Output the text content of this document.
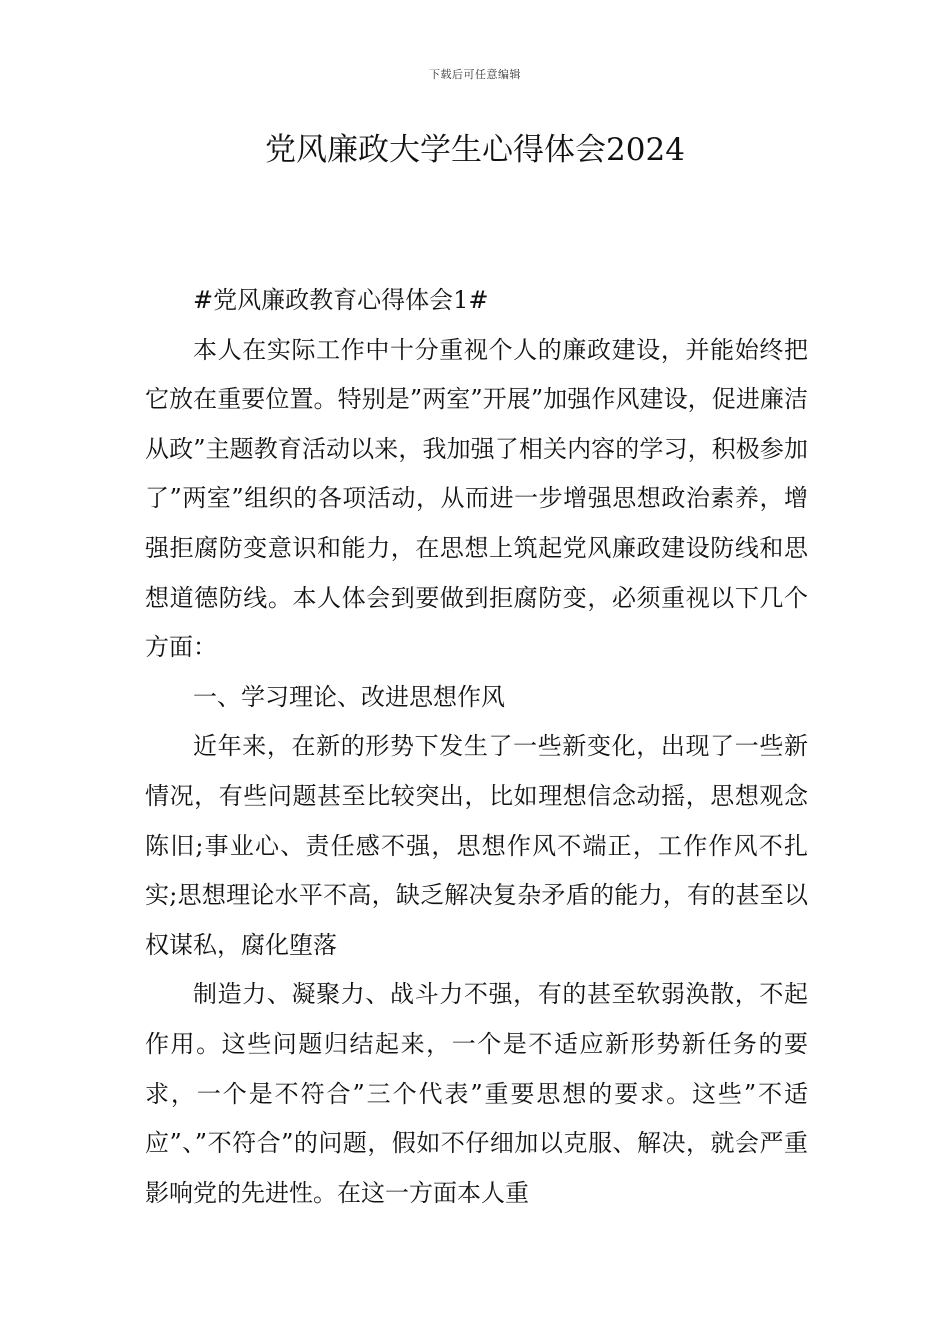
下载后可任意编辑
党风廉政大学生心得体会2024

#党风廉政教育心得体会1#

本人在实际工作中十分重视个人的廉政建设，并能始终把它放在重要位置。特别是”两室”开展”加强作风建设，促进廉洁从政”主题教育活动以来，我加强了相关内容的学习，积极参加了”两室”组织的各项活动，从而进一步增强思想政治素养，增强拒腐防变意识和能力，在思想上筑起党风廉政建设防线和思想道德防线。本人体会到要做到拒腐防变，必须重视以下几个方面：

一、学习理论、改进思想作风

近年来，在新的形势下发生了一些新变化，出现了一些新情况，有些问题甚至比较突出，比如理想信念动摇，思想观念陈旧;事业心、责任感不强，思想作风不端正，工作作风不扎实;思想理论水平不高，缺乏解决复杂矛盾的能力，有的甚至以权谋私，腐化堕落

制造力、凝聚力、战斗力不强，有的甚至软弱涣散，不起作用。这些问题归结起来，一个是不适应新形势新任务的要求，一个是不符合”三个代表”重要思想的要求。这些”不适应”、”不符合”的问题，假如不仔细加以克服、解决，就会严重影响党的先进性。在这一方面本人重
